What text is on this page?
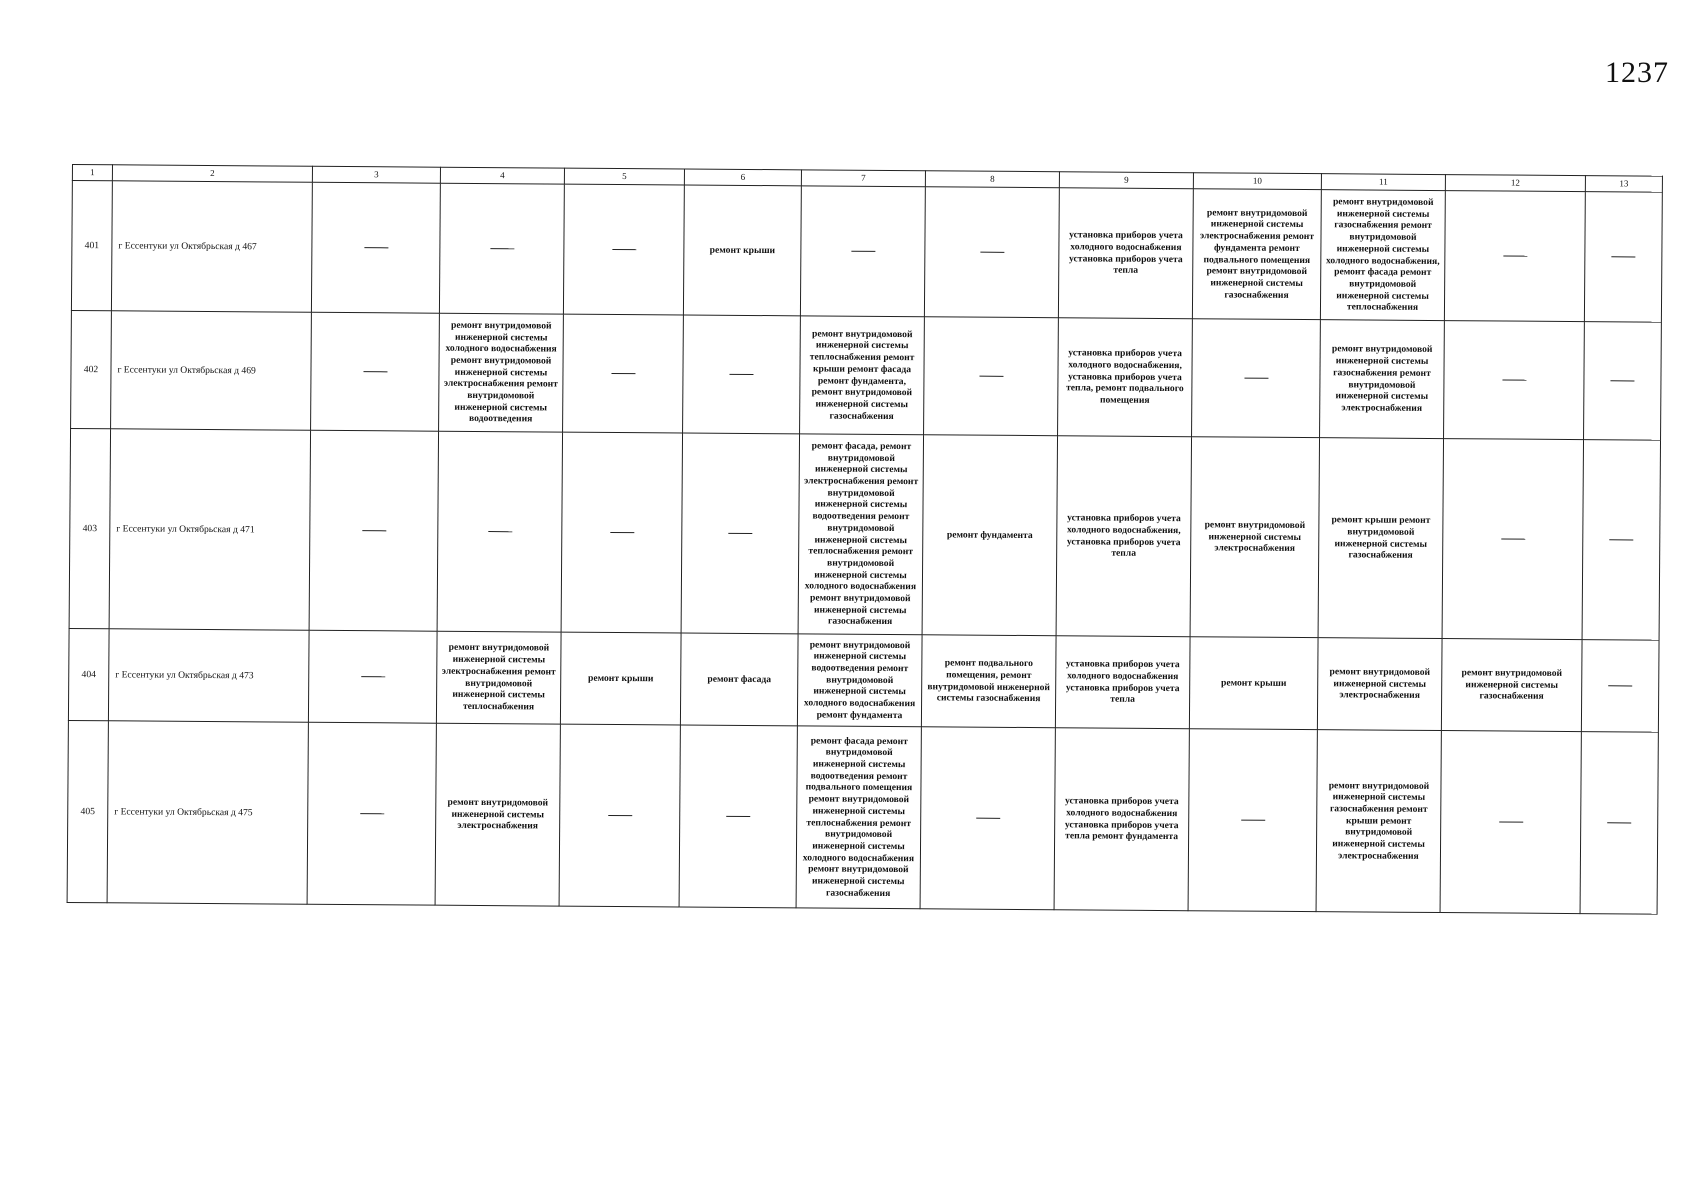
1237
1	2	3	4	5	6	7	8	9	10	11	12	13
401	г Ессентуки ул Октябрьская д 467				ремонт крыши			установка приборов учета холодного водоснабжения установка приборов учета тепла	ремонт внутридомовой инженерной системы электроснабжения ремонт фундамента ремонт подвального помещения ремонт внутридомовой инженерной системы газоснабжения	ремонт внутридомовой инженерной системы газоснабжения ремонт внутридомовой инженерной системы холодного водоснабжения, ремонт фасада ремонт внутридомовой инженерной системы теплоснабжения		
402	г Ессентуки ул Октябрьская д 469		ремонт внутридомовой инженерной системы холодного водоснабжения ремонт внутридомовой инженерной системы электроснабжения ремонт внутридомовой инженерной системы водоотведения			ремонт внутридомовой инженерной системы теплоснабжения ремонт крыши ремонт фасада ремонт фундамента, ремонт внутридомовой инженерной системы газоснабжения		установка приборов учета холодного водоснабжения, установка приборов учета тепла, ремонт подвального помещения		ремонт внутридомовой инженерной системы газоснабжения ремонт внутридомовой инженерной системы электроснабжения		
403	г Ессентуки ул Октябрьская д 471					ремонт фасада, ремонт внутридомовой инженерной системы электроснабжения ремонт внутридомовой инженерной системы водоотведения ремонт внутридомовой инженерной системы теплоснабжения ремонт внутридомовой инженерной системы холодного водоснабжения ремонт внутридомовой инженерной системы газоснабжения	ремонт фундамента	установка приборов учета холодного водоснабжения, установка приборов учета тепла	ремонт внутридомовой инженерной системы электроснабжения	ремонт крыши ремонт внутридомовой инженерной системы газоснабжения		
404	г Ессентуки ул Октябрьская д 473		ремонт внутридомовой инженерной системы электроснабжения ремонт внутридомовой инженерной системы теплоснабжения	ремонт крыши	ремонт фасада	ремонт внутридомовой инженерной системы водоотведения ремонт внутридомовой инженерной системы холодного водоснабжения ремонт фундамента	ремонт подвального помещения, ремонт внутридомовой инженерной системы газоснабжения	установка приборов учета холодного водоснабжения установка приборов учета тепла	ремонт крыши	ремонт внутридомовой инженерной системы электроснабжения	ремонт внутридомовой инженерной системы газоснабжения	
405	г Ессентуки ул Октябрьская д 475		ремонт внутридомовой инженерной системы электроснабжения			ремонт фасада ремонт внутридомовой инженерной системы водоотведения ремонт подвального помещения ремонт внутридомовой инженерной системы теплоснабжения ремонт внутридомовой инженерной системы холодного водоснабжения ремонт внутридомовой инженерной системы газоснабжения		установка приборов учета холодного водоснабжения установка приборов учета тепла ремонт фундамента		ремонт внутридомовой инженерной системы газоснабжения ремонт крыши ремонт внутридомовой инженерной системы электроснабжения		
